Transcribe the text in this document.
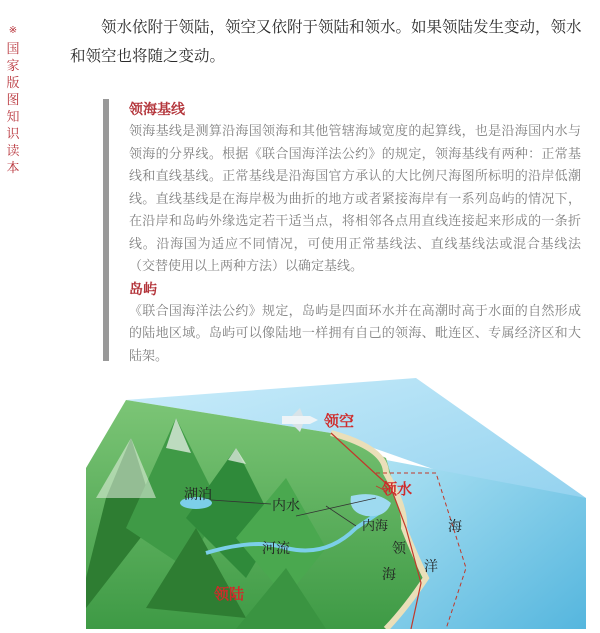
※
国家版图知识读本

领水依附于领陆，领空又依附于领陆和领水。如果领陆发生变动，领水和领空也将随之变动。

领海基线

领海基线是测算沿海国领海和其他管辖海域宽度的起算线，也是沿海国内水与领海的分界线。根据《联合国海洋法公约》的规定，领海基线有两种：正常基线和直线基线。正常基线是沿海国官方承认的大比例尺海图所标明的沿岸低潮线。直线基线是在海岸极为曲折的地方或者紧接海岸有一系列岛屿的情况下，在沿岸和岛屿外缘选定若干适当点，将相邻各点用直线连接起来形成的一条折线。沿海国为适应不同情况，可使用正常基线法、直线基线法或混合基线法（交替使用以上两种方法）以确定基线。

岛屿

《联合国海洋法公约》规定，岛屿是四面环水并在高潮时高于水面的自然形成的陆地区域。岛屿可以像陆地一样拥有自己的领海、毗连区、专属经济区和大陆架。

领空
领水
湖泊
内水
内海
河流	领
海
海
洋
领陆
